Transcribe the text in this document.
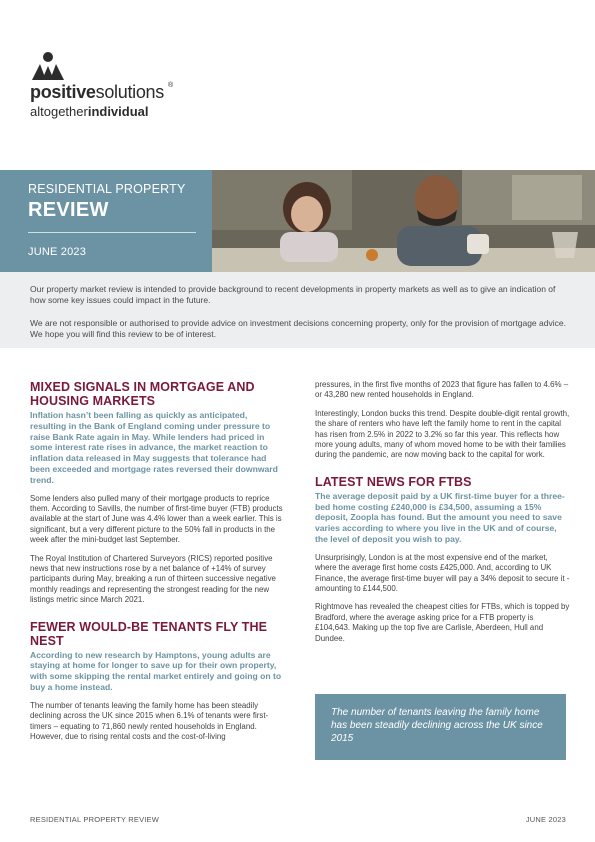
positivesolutions ®
altogetherindividual
RESIDENTIAL PROPERTY
REVIEW
JUNE 2023

Our property market review is intended to provide background to recent developments in property markets as well as to give an indication of how some key issues could impact in the future.

We are not responsible or authorised to provide advice on investment decisions concerning property, only for the provision of mortgage advice. We hope you will find this review to be of interest.

MIXED SIGNALS IN MORTGAGE AND HOUSING MARKETS

Inflation hasn’t been falling as quickly as anticipated, resulting in the Bank of England coming under pressure to raise Bank Rate again in May. While lenders had priced in some interest rate rises in advance, the market reaction to inflation data released in May suggests that tolerance had been exceeded and mortgage rates reversed their downward trend.

Some lenders also pulled many of their mortgage products to reprice them. According to Savills, the number of first-time buyer (FTB) products available at the start of June was 4.4% lower than a week earlier. This is significant, but a very different picture to the 50% fall in products in the week after the mini-budget last September.

The Royal Institution of Chartered Surveyors (RICS) reported positive news that new instructions rose by a net balance of +14% of survey participants during May, breaking a run of thirteen successive negative monthly readings and representing the strongest reading for the new listings metric since March 2021.

FEWER WOULD-BE TENANTS FLY THE NEST

According to new research by Hamptons, young adults are staying at home for longer to save up for their own property, with some skipping the rental market entirely and going on to buy a home instead.

The number of tenants leaving the family home has been steadily declining across the UK since 2015 when 6.1% of tenants were first-timers – equating to 71,860 newly rented households in England. However, due to rising rental costs and the cost-of-living

pressures, in the first five months of 2023 that figure has fallen to 4.6% – or 43,280 new rented households in England.

Interestingly, London bucks this trend. Despite double-digit rental growth, the share of renters who have left the family home to rent in the capital has risen from 2.5% in 2022 to 3.2% so far this year. This reflects how more young adults, many of whom moved home to be with their families during the pandemic, are now moving back to the capital for work.

LATEST NEWS FOR FTBS

The average deposit paid by a UK first-time buyer for a three-bed home costing £240,000 is £34,500, assuming a 15% deposit, Zoopla has found. But the amount you need to save varies according to where you live in the UK and of course, the level of deposit you wish to pay.

Unsurprisingly, London is at the most expensive end of the market, where the average first home costs £425,000. And, according to UK Finance, the average first-time buyer will pay a 34% deposit to secure it - amounting to £144,500.

Rightmove has revealed the cheapest cities for FTBs, which is topped by Bradford, where the average asking price for a FTB property is £104,643. Making up the top five are Carlisle, Aberdeen, Hull and Dundee.

The number of tenants leaving the family home has been steadily declining across the UK since 2015

RESIDENTIAL PROPERTY REVIEW	JUNE 2023
